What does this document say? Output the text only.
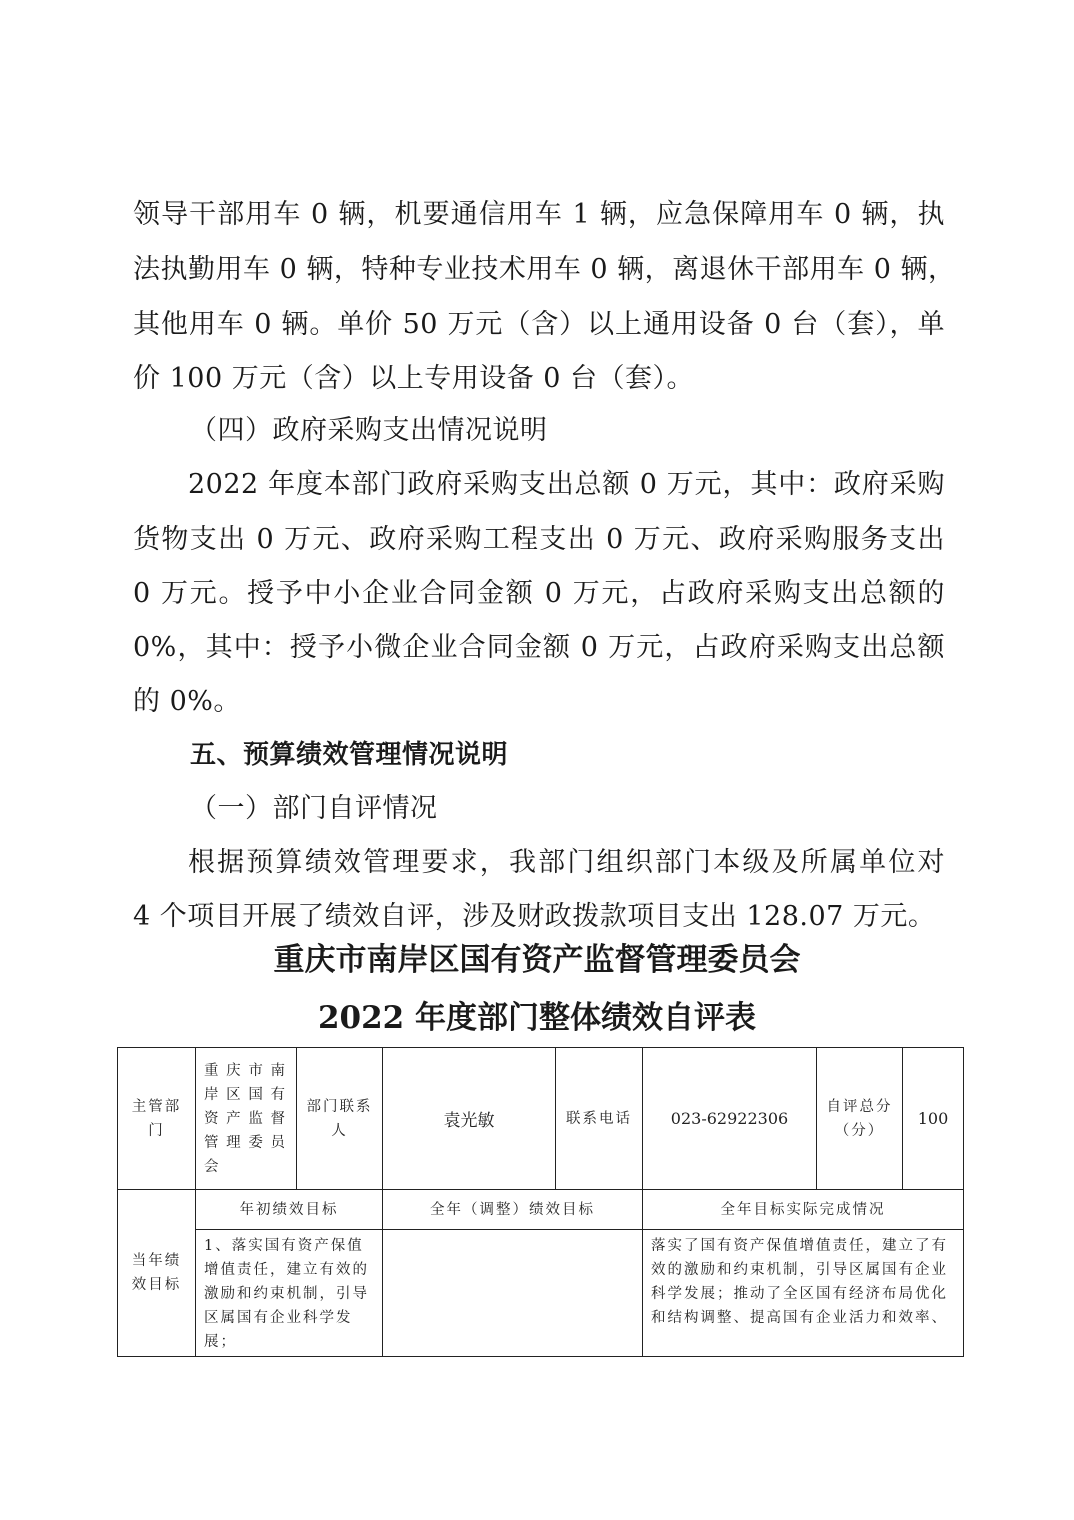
领导干部用车 0 辆，机要通信用车 1 辆，应急保障用车 0 辆，执
法执勤用车 0 辆，特种专业技术用车 0 辆，离退休干部用车 0 辆，
其他用车 0 辆。单价 50 万元（含）以上通用设备 0 台（套），单
价 100 万元（含）以上专用设备 0 台（套）。
（四）政府采购支出情况说明
2022 年度本部门政府采购支出总额 0 万元，其中：政府采购
货物支出 0 万元、政府采购工程支出 0 万元、政府采购服务支出
0 万元。授予中小企业合同金额 0 万元，占政府采购支出总额的
0%，其中：授予小微企业合同金额 0 万元，占政府采购支出总额
的 0%。
五、预算绩效管理情况说明
（一）部门自评情况
根据预算绩效管理要求，我部门组织部门本级及所属单位对
4 个项目开展了绩效自评，涉及财政拨款项目支出 128.07 万元。
重庆市南岸区国有资产监督管理委员会
2022 年度部门整体绩效自评表
主管部门	重庆市南岸区国有资产监督管理委员会	部门联系人	袁光敏	联系电话	023-62922306	自评总分（分）	100
当年绩效目标	年初绩效目标		全年（调整）绩效目标		全年目标实际完成情况		

	1、落实国有资产保值增值责任，建立有效的激励和约束机制，引导区属国有企业科学发展；				落实了国有资产保值增值责任，建立了有效的激励和约束机制，引导区属国有企业科学发展；推动了全区国有经济布局优化和结构调整、提高国有企业活力和效率、		
